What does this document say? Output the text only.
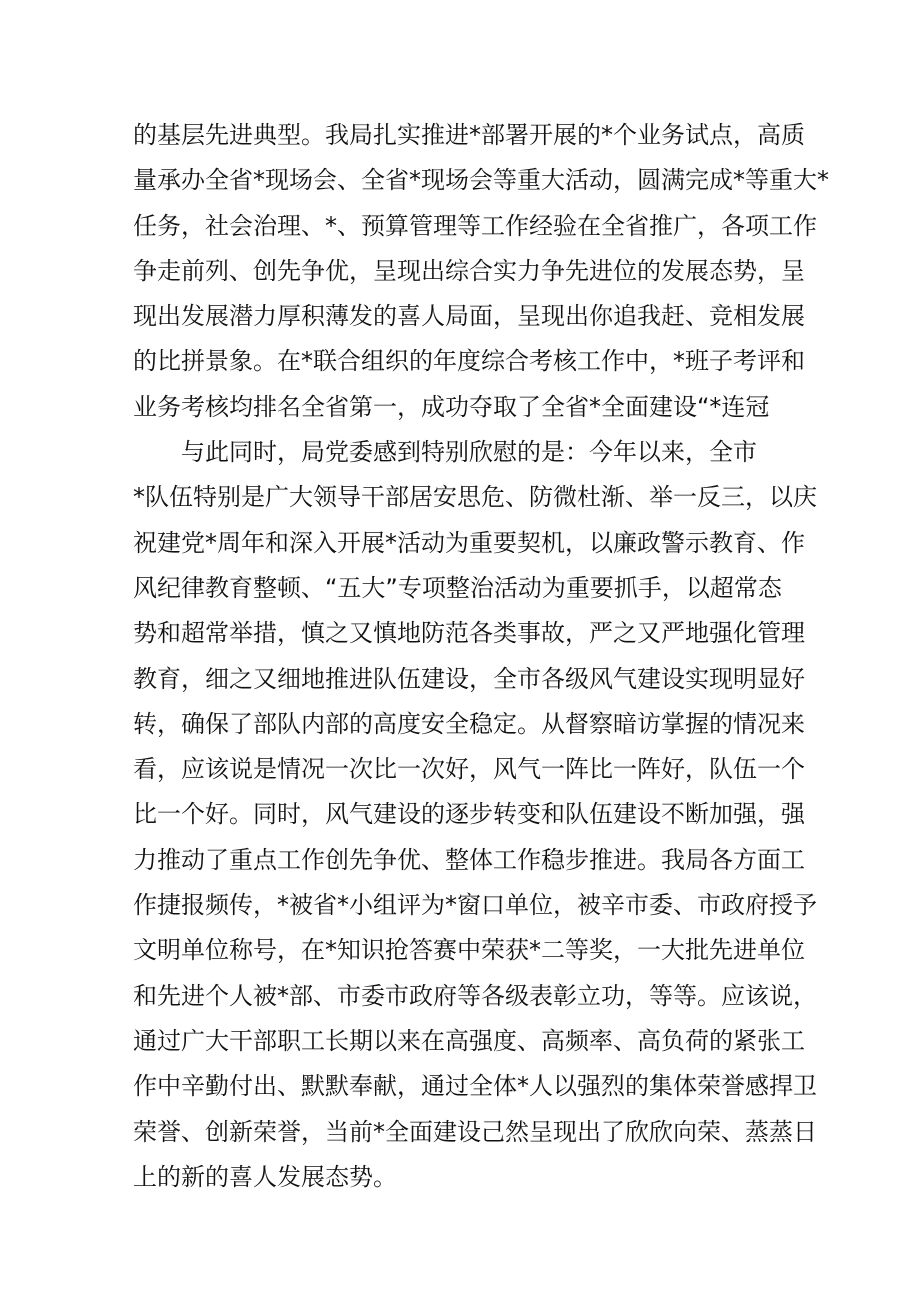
的基层先进典型。我局扎实推进*部署开展的*个业务试点，高质
量承办全省*现场会、全省*现场会等重大活动，圆满完成*等重大*
任务，社会治理、*、预算管理等工作经验在全省推广，各项工作
争走前列、创先争优，呈现出综合实力争先进位的发展态势，呈
现出发展潜力厚积薄发的喜人局面，呈现出你追我赶、竞相发展
的比拼景象。在*联合组织的年度综合考核工作中，*班子考评和
业务考核均排名全省第一，成功夺取了全省*全面建设“*连冠
与此同时，局党委感到特别欣慰的是：今年以来，全市
*队伍特别是广大领导干部居安思危、防微杜渐、举一反三，以庆
祝建党*周年和深入开展*活动为重要契机，以廉政警示教育、作
风纪律教育整顿、“五大”专项整治活动为重要抓手，以超常态
势和超常举措，慎之又慎地防范各类事故，严之又严地强化管理
教育，细之又细地推进队伍建设，全市各级风气建设实现明显好
转，确保了部队内部的高度安全稳定。从督察暗访掌握的情况来
看，应该说是情况一次比一次好，风气一阵比一阵好，队伍一个
比一个好。同时，风气建设的逐步转变和队伍建设不断加强，强
力推动了重点工作创先争优、整体工作稳步推进。我局各方面工
作捷报频传，*被省*小组评为*窗口单位，被辛市委、市政府授予
文明单位称号，在*知识抢答赛中荣获*二等奖，一大批先进单位
和先进个人被*部、市委市政府等各级表彰立功，等等。应该说，
通过广大干部职工长期以来在高强度、高频率、高负荷的紧张工
作中辛勤付出、默默奉献，通过全体*人以强烈的集体荣誉感捍卫
荣誉、创新荣誉，当前*全面建设己然呈现出了欣欣向荣、蒸蒸日
上的新的喜人发展态势。
